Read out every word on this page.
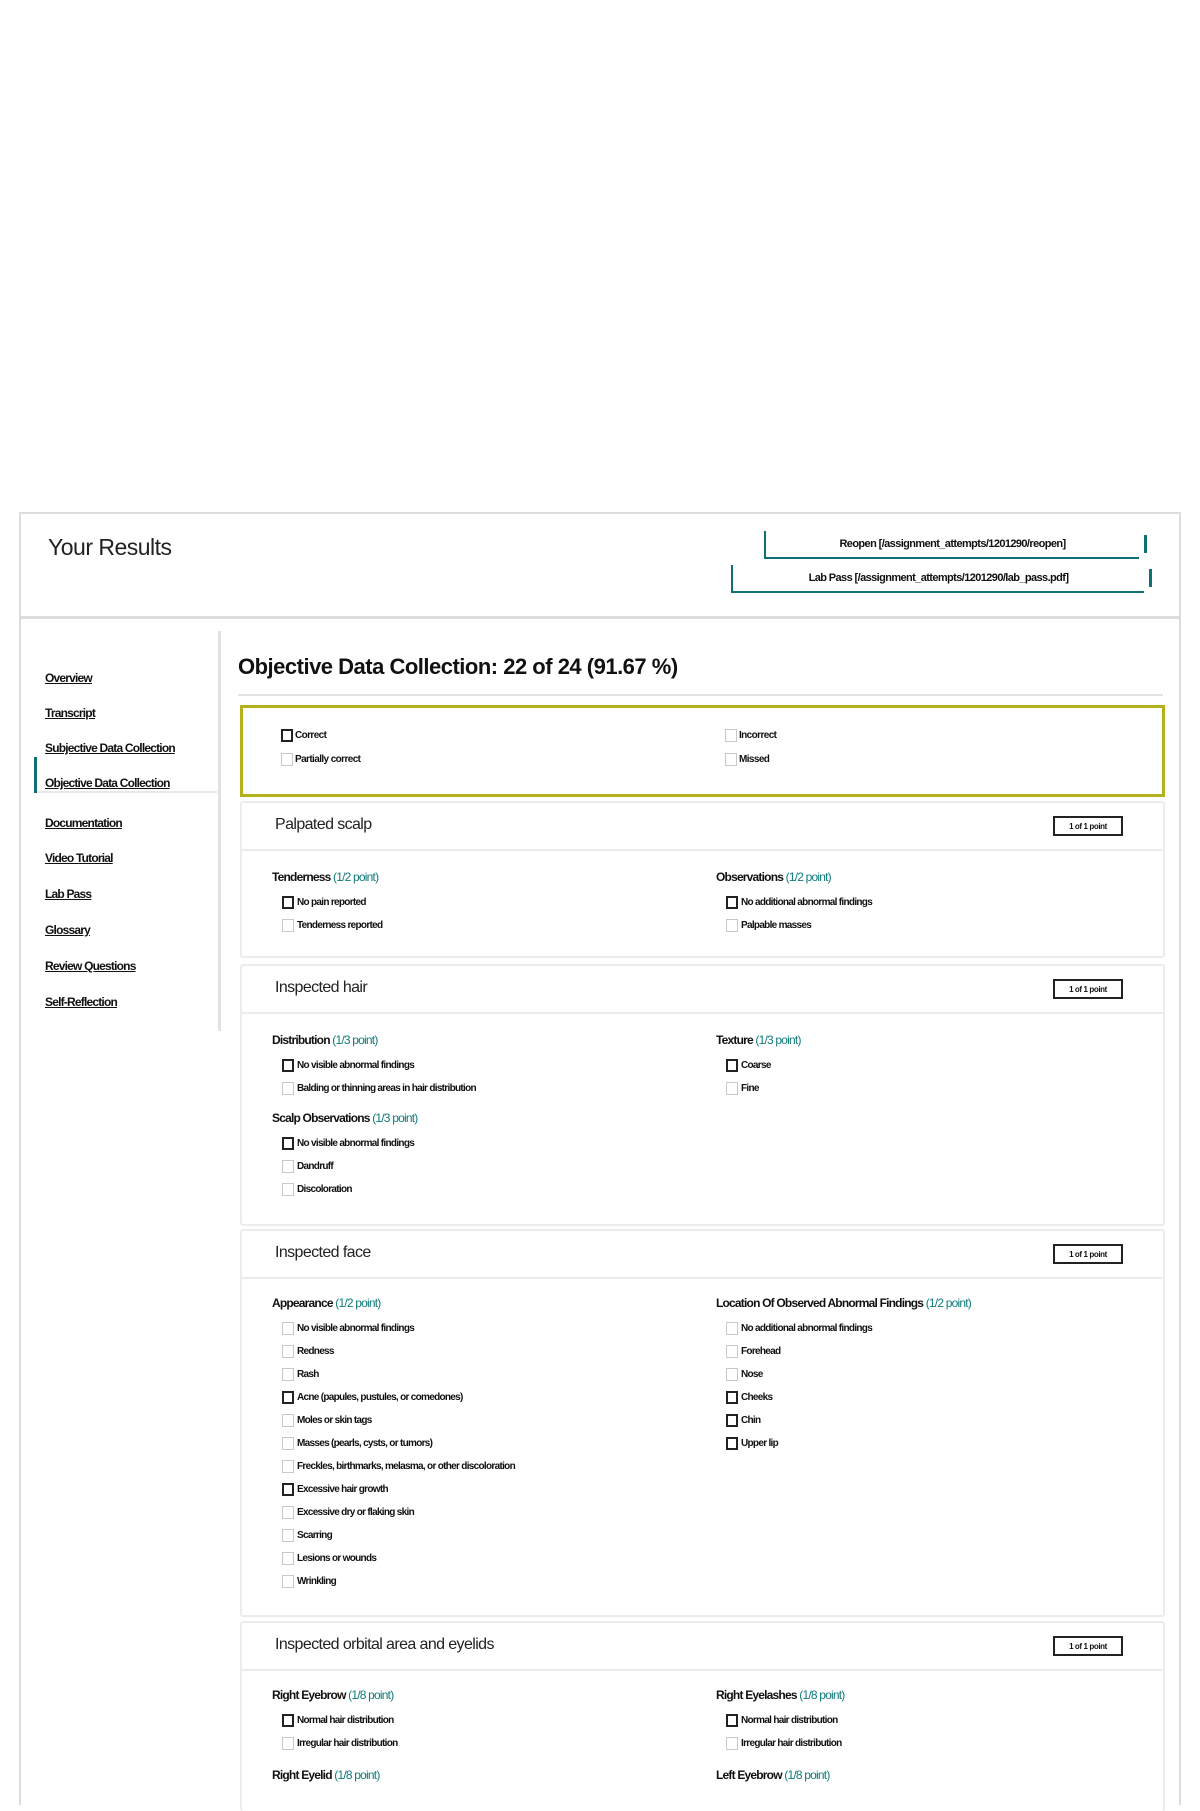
Your Results	Reopen [/assignment_attempts/1201290/reopen]
Lab Pass [/assignment_attempts/1201290/lab_pass.pdf]
Overview
Transcript
Subjective Data Collection
Objective Data Collection
Documentation
Video Tutorial
Lab Pass
Glossary
Review Questions
Self-Reflection
Objective Data Collection: 22 of 24 (91.67 %)
Correct
Partially correct
Incorrect
Missed
Palpated scalp	1 of 1 point
Tenderness (1/2 point)
No pain reported
Tenderness reported
Observations (1/2 point)
No additional abnormal findings
Palpable masses
Inspected hair	1 of 1 point
Distribution (1/3 point)
No visible abnormal findings
Balding or thinning areas in hair distribution
Texture (1/3 point)
Coarse
Fine
Scalp Observations (1/3 point)
No visible abnormal findings
Dandruff
Discoloration
Inspected face	1 of 1 point
Appearance (1/2 point)
No visible abnormal findings
Redness
Rash
Acne (papules, pustules, or comedones)
Moles or skin tags
Masses (pearls, cysts, or tumors)
Freckles, birthmarks, melasma, or other discoloration
Excessive hair growth
Excessive dry or flaking skin
Scarring
Lesions or wounds
Wrinkling
Location Of Observed Abnormal Findings (1/2 point)
No additional abnormal findings
Forehead
Nose
Cheeks
Chin
Upper lip
Inspected orbital area and eyelids	1 of 1 point
Right Eyebrow (1/8 point)
Normal hair distribution
Irregular hair distribution
Right Eyelashes (1/8 point)
Normal hair distribution
Irregular hair distribution
Right Eyelid (1/8 point)	Left Eyebrow (1/8 point)
